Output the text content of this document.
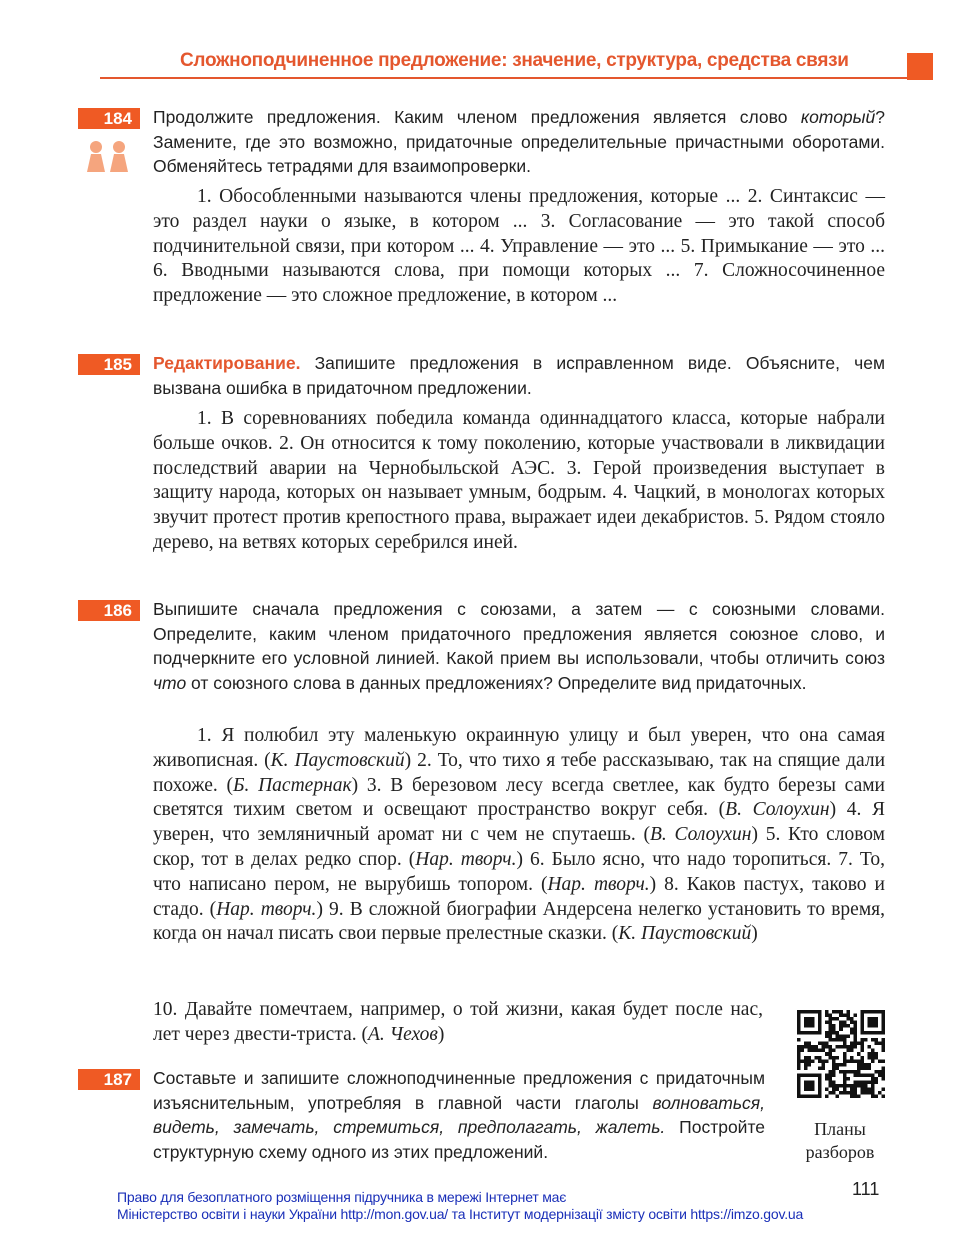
Сложноподчиненное предложение: значение, структура, средства связи
184	Продолжите предложения. Каким членом предложения является слово который? Замените, где это возможно, придаточные определительные причастными оборотами. Обменяйтесь тетрадями для взаимопроверки.
1. Обособленными называются члены предложения, которые ... 2. Синтаксис — это раздел науки о языке, в котором ... 3. Согласование — это такой способ подчинительной связи, при котором ... 4. Управление — это ... 5. Примыкание — это ... 6. Вводными называются слова, при помощи которых ... 7. Сложносочиненное предложение — это сложное предложение, в котором ...
185	Редактирование. Запишите предложения в исправленном виде. Объясните, чем вызвана ошибка в придаточном предложении.
1. В соревнованиях победила команда одиннадцатого класса, которые набрали больше очков. 2. Он относится к тому поколению, которые участвовали в ликвидации последствий аварии на Чернобыльской АЭС. 3. Герой произведения выступает в защиту народа, которых он называет умным, бодрым. 4. Чацкий, в монологах которых звучит протест против крепостного права, выражает идеи декабристов. 5. Рядом стояло дерево, на ветвях которых серебрился иней.
186	Выпишите сначала предложения с союзами, а затем — с союзными словами. Определите, каким членом придаточного предложения является союзное слово, и подчеркните его условной линией. Какой прием вы использовали, чтобы отличить союз что от союзного слова в данных предложениях? Определите вид придаточных.
1. Я полюбил эту маленькую окраинную улицу и был уверен, что она самая живописная. (К. Паустовский) 2. То, что тихо я тебе рассказываю, так на спящие дали похоже. (Б. Пастернак) 3. В березовом лесу всегда светлее, как будто березы сами светятся тихим светом и освещают пространство вокруг себя. (В. Солоухин) 4. Я уверен, что земляничный аромат ни с чем не спутаешь. (В. Солоухин) 5. Кто словом скор, тот в делах редко спор. (Нар. творч.) 6. Было ясно, что надо торопиться. 7. То, что написано пером, не вырубишь топором. (Нар. творч.) 8. Каков пастух, таково и стадо. (Нар. творч.) 9. В сложной биографии Андерсена нелегко установить то время, когда он начал писать свои первые прелестные сказки. (К. Паустовский)
10. Давайте помечтаем, например, о той жизни, какая будет после нас, лет через двести-триста. (А. Чехов)
Планы
разборов
187	Составьте и запишите сложноподчиненные предложения с придаточным изъяснительным, употребляя в главной части глаголы волноваться, видеть, замечать, стремиться, предполагать, жалеть. Постройте структурную схему одного из этих предложений.
111
Право для безоплатного розміщення підручника в мережі Інтернет має
Міністерство освіти і науки України http://mon.gov.ua/ та Інститут модернізації змісту освіти https://imzo.gov.ua
